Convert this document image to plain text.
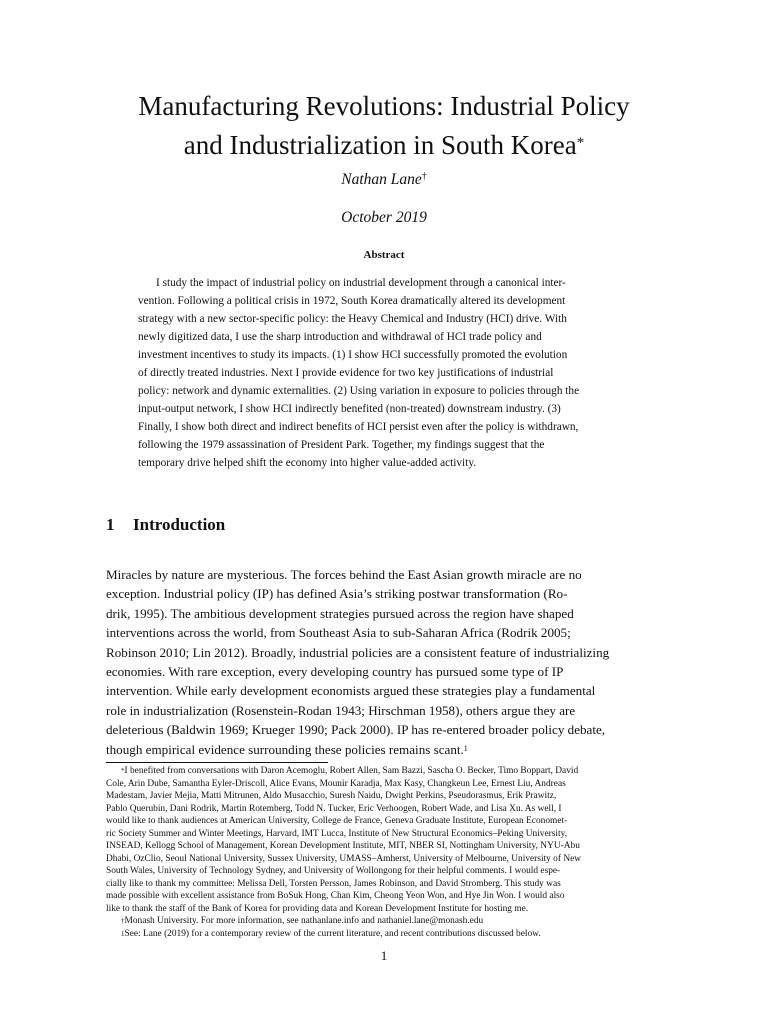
Manufacturing Revolutions: Industrial Policy
and Industrialization in South Korea*
Nathan Lane†
October 2019
Abstract
I study the impact of industrial policy on industrial development through a canonical inter-
vention. Following a political crisis in 1972, South Korea dramatically altered its development
strategy with a new sector-specific policy: the Heavy Chemical and Industry (HCI) drive. With
newly digitized data, I use the sharp introduction and withdrawal of HCI trade policy and
investment incentives to study its impacts. (1) I show HCI successfully promoted the evolution
of directly treated industries. Next I provide evidence for two key justifications of industrial
policy: network and dynamic externalities. (2) Using variation in exposure to policies through the
input-output network, I show HCI indirectly benefited (non-treated) downstream industry. (3)
Finally, I show both direct and indirect benefits of HCI persist even after the policy is withdrawn,
following the 1979 assassination of President Park. Together, my findings suggest that the
temporary drive helped shift the economy into higher value-added activity.
1 Introduction
Miracles by nature are mysterious. The forces behind the East Asian growth miracle are no
exception. Industrial policy (IP) has defined Asia’s striking postwar transformation (Ro-
drik, 1995). The ambitious development strategies pursued across the region have shaped
interventions across the world, from Southeast Asia to sub-Saharan Africa (Rodrik 2005;
Robinson 2010; Lin 2012). Broadly, industrial policies are a consistent feature of industrializing
economies. With rare exception, every developing country has pursued some type of IP
intervention. While early development economists argued these strategies play a fundamental
role in industrialization (Rosenstein-Rodan 1943; Hirschman 1958), others argue they are
deleterious (Baldwin 1969; Krueger 1990; Pack 2000). IP has re-entered broader policy debate,
though empirical evidence surrounding these policies remains scant.$^1$
*I benefited from conversations with Daron Acemoglu, Robert Allen, Sam Bazzi, Sascha O. Becker, Timo Boppart, David
Cole, Arin Dube, Samantha Eyler-Driscoll, Alice Evans, Mounir Karadja, Max Kasy, Changkeun Lee, Ernest Liu, Andreas
Madestam, Javier Mejia, Matti Mitrunen, Aldo Musacchio, Suresh Naidu, Dwight Perkins, Pseudorasmus, Erik Prawitz,
Pablo Querubin, Dani Rodrik, Martin Rotemberg, Todd N. Tucker, Eric Verhoogen, Robert Wade, and Lisa Xu. As well, I
would like to thank audiences at American University, College de France, Geneva Graduate Institute, European Economet-
ric Society Summer and Winter Meetings, Harvard, IMT Lucca, Institute of New Structural Economics–Peking University,
INSEAD, Kellogg School of Management, Korean Development Institute, MIT, NBER SI, Nottingham University, NYU-Abu
Dhabi, OzClio, Seoul National University, Sussex University, UMASS–Amherst, University of Melbourne, University of New
South Wales, University of Technology Sydney, and University of Wollongong for their helpful comments. I would espe-
cially like to thank my committee: Melissa Dell, Torsten Persson, James Robinson, and David Stromberg. This study was
made possible with excellent assistance from BoSuk Hong, Chan Kim, Cheong Yeon Won, and Hye Jin Won. I would also
like to thank the staff of the Bank of Korea for providing data and Korean Development Institute for hosting me.
†Monash University. For more information, see nathanlane.info and nathaniel.lane@monash.edu
$^1$See: Lane (2019) for a contemporary review of the current literature, and recent contributions discussed below.
1
